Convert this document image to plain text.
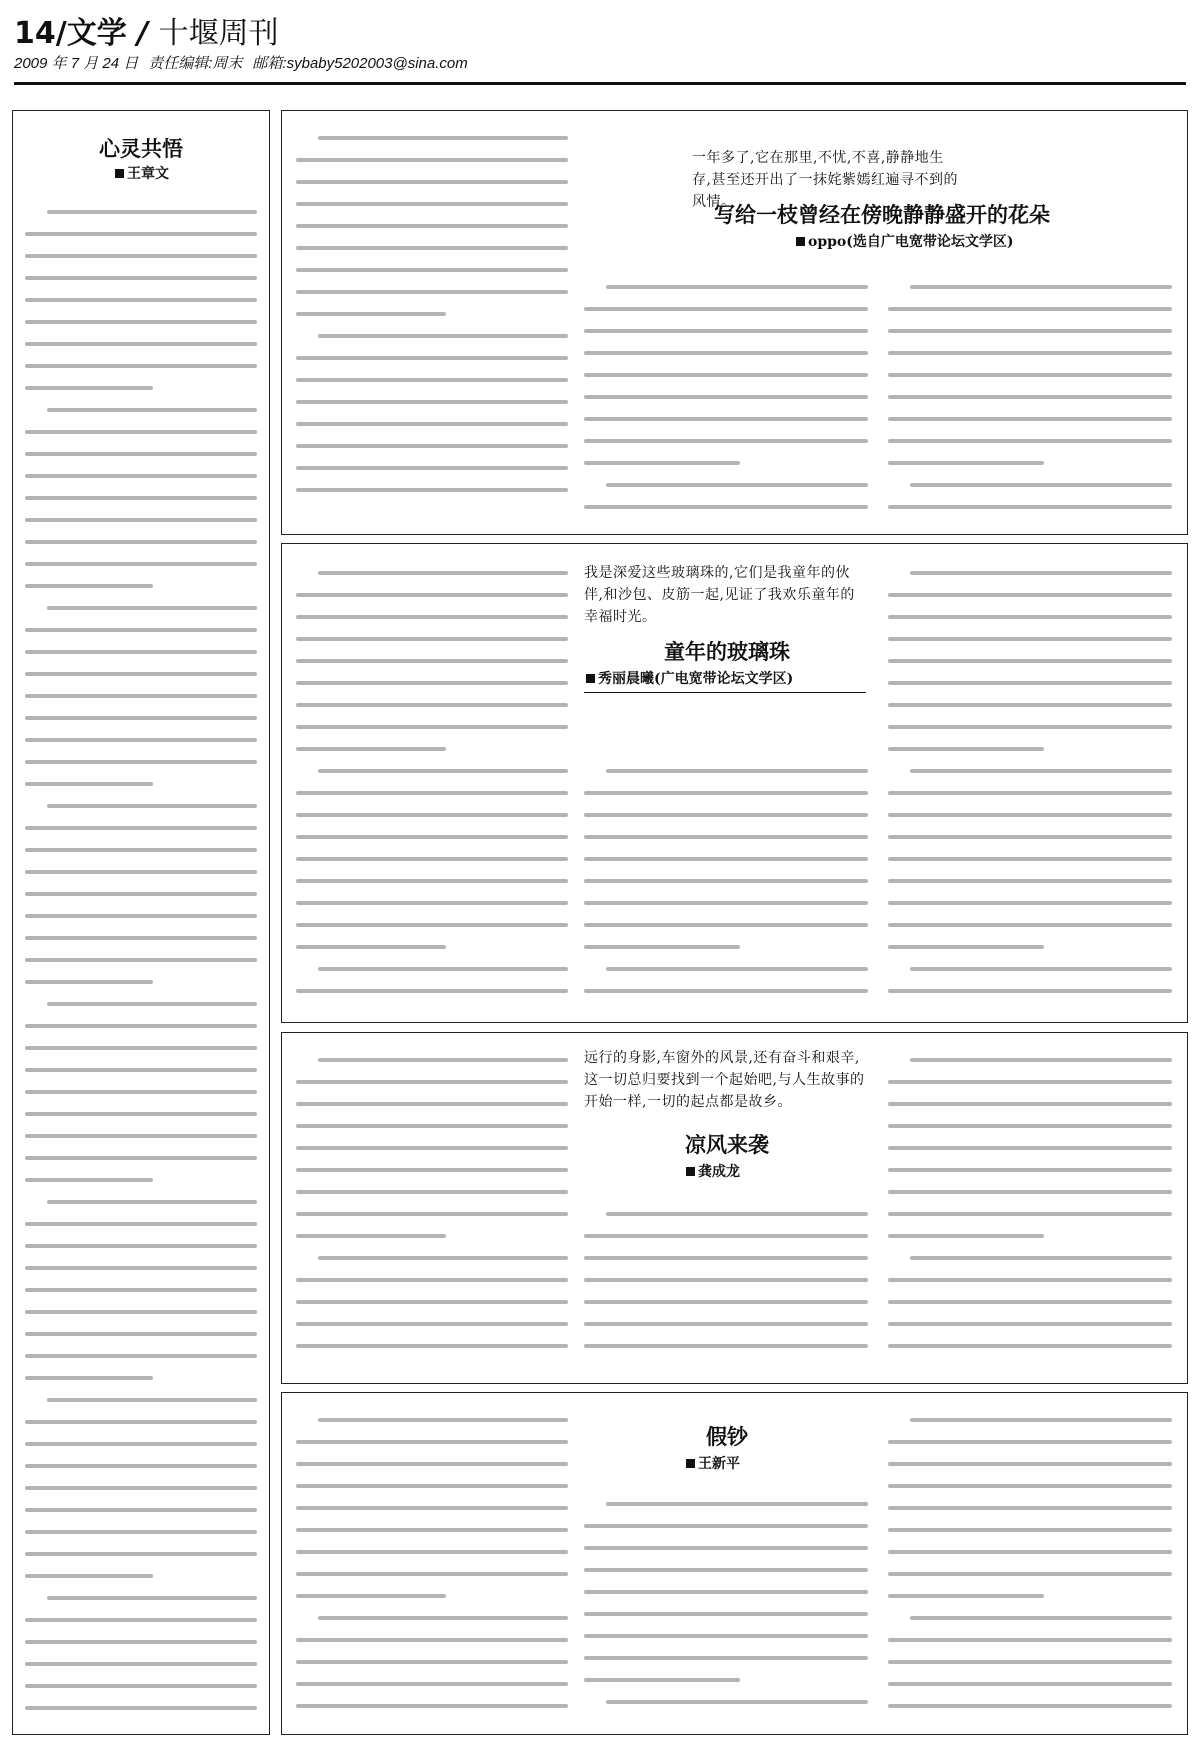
14/文学 / 十堰周刊
2009 年 7 月 24 日 责任编辑:周末 邮箱:sybaby5202003@sina.com
心灵共悟
王章文
一年多了,它在那里,不忧,不喜,静静地生存,甚至还开出了一抹姹紫嫣红遍寻不到的风情。
写给一枝曾经在傍晚静静盛开的花朵
oppo(选自广电宽带论坛文学区)
我是深爱这些玻璃珠的,它们是我童年的伙伴,和沙包、皮筋一起,见证了我欢乐童年的幸福时光。
童年的玻璃珠
秀丽晨曦(广电宽带论坛文学区)
远行的身影,车窗外的风景,还有奋斗和艰辛,这一切总归要找到一个起始吧,与人生故事的开始一样,一切的起点都是故乡。
凉风来袭
龚成龙
假钞
王新平
